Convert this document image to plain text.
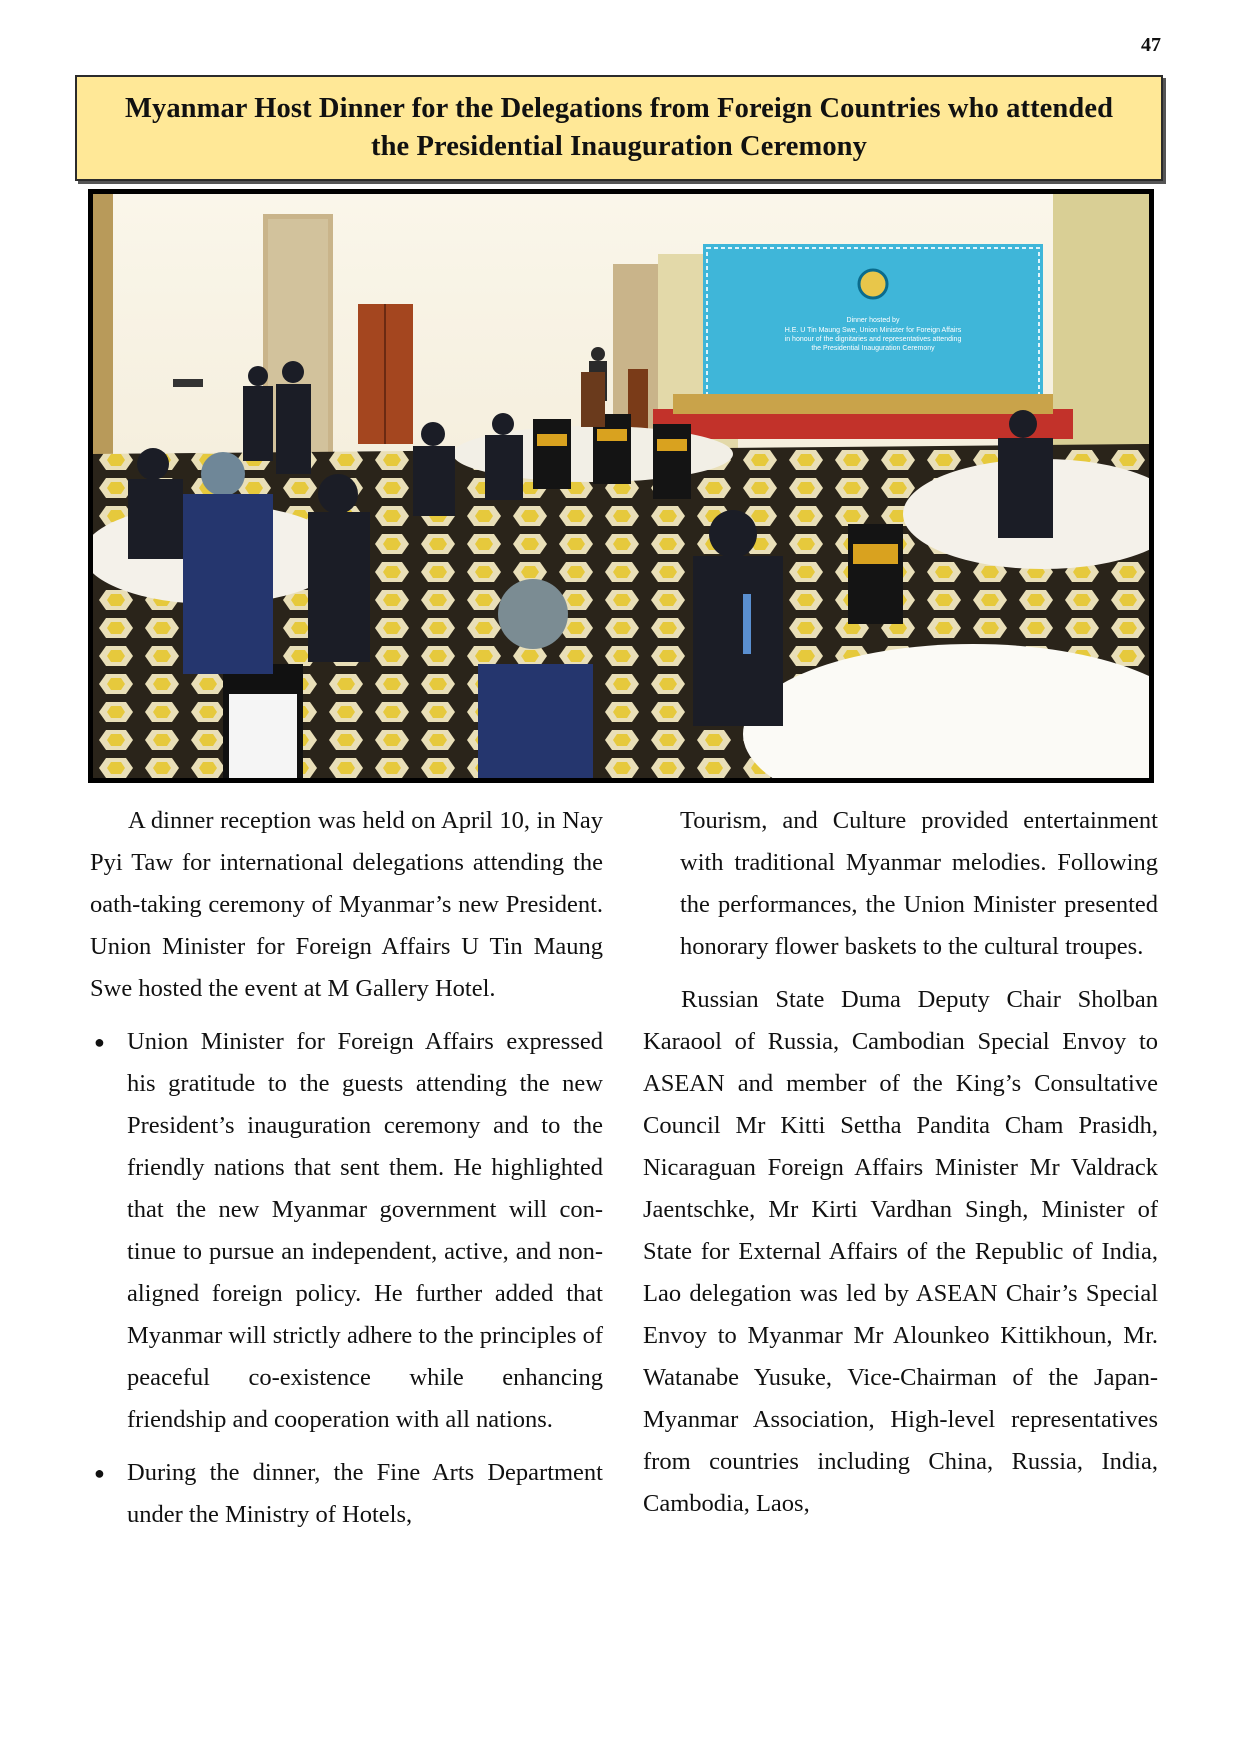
47
Myanmar Host Dinner for the Delegations from Foreign Countries who attended
the Presidential Inauguration Ceremony
Dinner hosted by
H.E. U Tin Maung Swe, Union Minister for Foreign Affairs
in honour of the dignitaries and representatives attending
the Presidential Inauguration Ceremony

A dinner reception was held on April 10, in Nay Pyi Taw for international delegations attending the oath-taking ceremony of Myanmar’s new President. Union Minister for Foreign Affairs U Tin Maung Swe hosted the event at M Gallery Hotel.

● Union Minister for Foreign Affairs expressed his gratitude to the guests attending the new President’s inauguration ceremony and to the friendly nations that sent them. He highlighted that the new Myanmar government will continue to pursue an independent, active, and non-aligned foreign policy. He further added that Myanmar will strictly adhere to the principles of peaceful co-existence while enhancing friendship and cooperation with all nations.
● During the dinner, the Fine Arts Department under the Ministry of Hotels,

Tourism, and Culture provided entertainment with traditional Myanmar melodies. Following the performances, the Union Minister presented honorary flower baskets to the cultural troupes.

Russian State Duma Deputy Chair Sholban Karaool of Russia, Cambodian Special Envoy to ASEAN and member of the King’s Consultative Council Mr Kitti Settha Pandita Cham Prasidh, Nicaraguan Foreign Affairs Minister Mr Valdrack Jaentschke, Mr Kirti Vardhan Singh, Minister of State for External Affairs of the Republic of India, Lao delegation was led by ASEAN Chair’s Special Envoy to Myanmar Mr Alounkeo Kittikhoun, Mr. Watanabe Yusuke, Vice-Chairman of the Japan-Myanmar Association, High-level representatives from countries including China, Russia, India, Cambodia, Laos,
